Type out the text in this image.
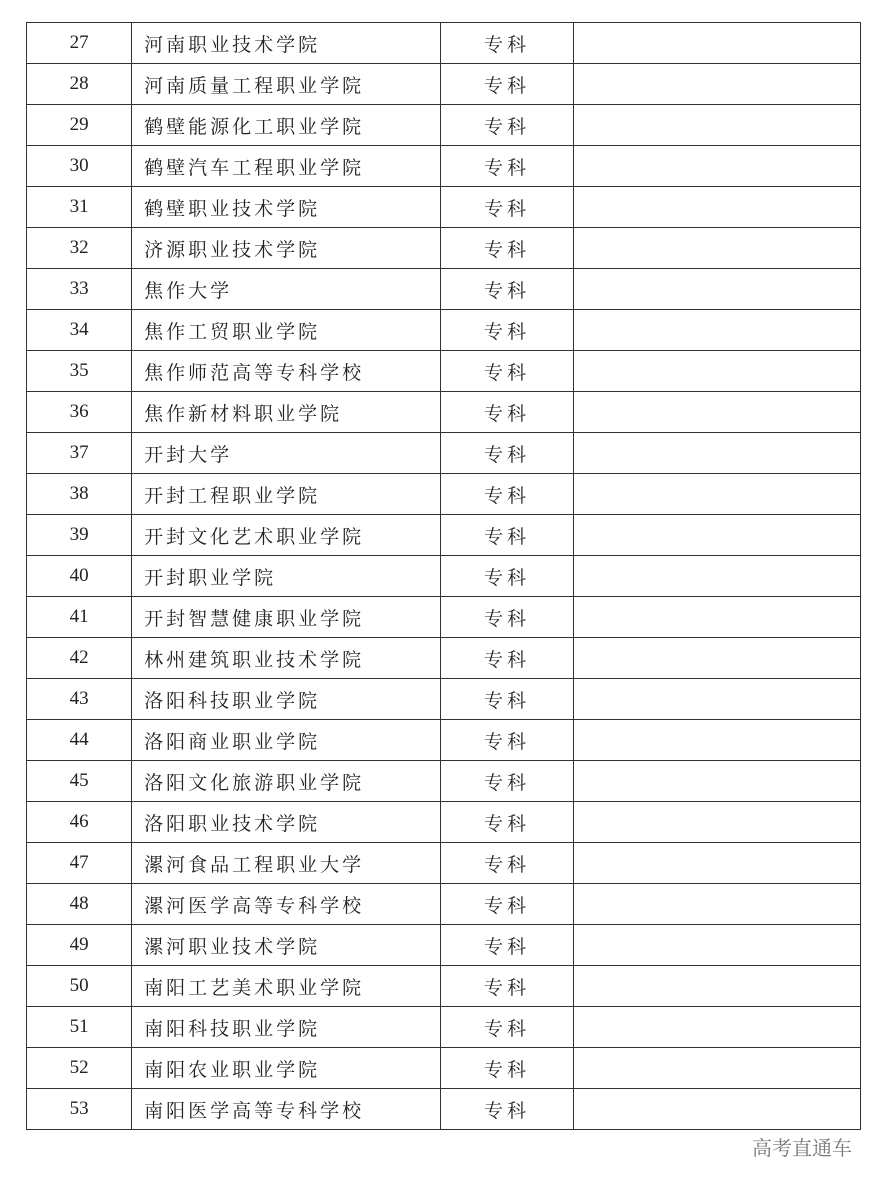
27	河南职业技术学院	专科	
28	河南质量工程职业学院	专科	
29	鹤壁能源化工职业学院	专科	
30	鹤壁汽车工程职业学院	专科	
31	鹤壁职业技术学院	专科	
32	济源职业技术学院	专科	
33	焦作大学	专科	
34	焦作工贸职业学院	专科	
35	焦作师范高等专科学校	专科	
36	焦作新材料职业学院	专科	
37	开封大学	专科	
38	开封工程职业学院	专科	
39	开封文化艺术职业学院	专科	
40	开封职业学院	专科	
41	开封智慧健康职业学院	专科	
42	林州建筑职业技术学院	专科	
43	洛阳科技职业学院	专科	
44	洛阳商业职业学院	专科	
45	洛阳文化旅游职业学院	专科	
46	洛阳职业技术学院	专科	
47	漯河食品工程职业大学	专科	
48	漯河医学高等专科学校	专科	
49	漯河职业技术学院	专科	
50	南阳工艺美术职业学院	专科	
51	南阳科技职业学院	专科	
52	南阳农业职业学院	专科	
53	南阳医学高等专科学校	专科	
高考直通车
